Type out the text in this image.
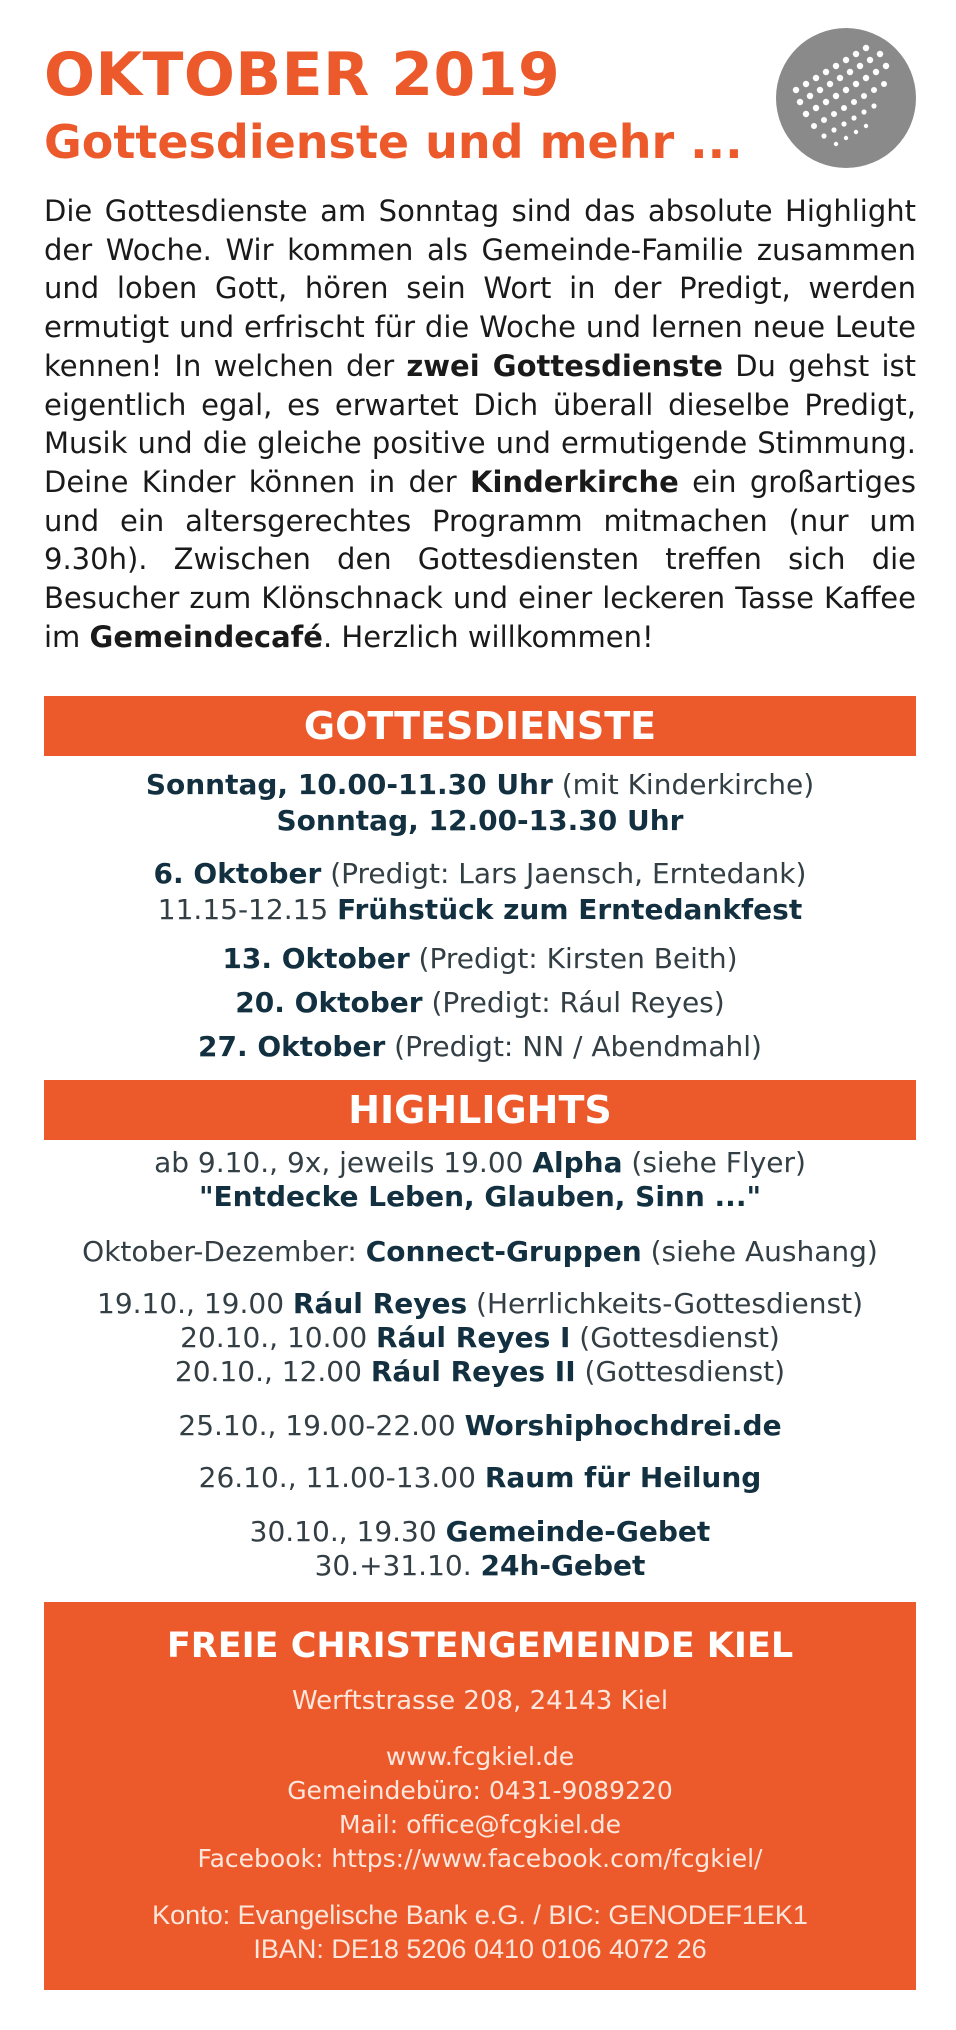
OKTOBER 2019
Gottesdienste und mehr ...
Die Gottesdienste am Sonntag sind das absolute Highlight der Woche. Wir kommen als Gemeinde-Familie zusammen und loben Gott, hören sein Wort in der Predigt, werden ermutigt und erfrischt für die Woche und lernen neue Leute kennen! In welchen der zwei Gottesdienste Du gehst ist eigentlich egal, es erwartet Dich überall dieselbe Predigt, Musik und die gleiche positive und ermutigende Stimmung. Deine Kinder können in der Kinderkirche ein großartiges und ein altersgerechtes Programm mitmachen (nur um 9.30h). Zwischen den Gottesdiensten treffen sich die Besucher zum Klönschnack und einer leckeren Tasse Kaffee im Gemeindecafé. Herzlich willkommen!
GOTTESDIENSTE
Sonntag, 10.00-11.30 Uhr (mit Kinderkirche)
Sonntag, 12.00-13.30 Uhr
6. Oktober (Predigt: Lars Jaensch, Erntedank)
11.15-12.15 Frühstück zum Erntedankfest
13. Oktober (Predigt: Kirsten Beith)
20. Oktober (Predigt: Rául Reyes)
27. Oktober (Predigt: NN / Abendmahl)
HIGHLIGHTS
ab 9.10., 9x, jeweils 19.00 Alpha (siehe Flyer)
"Entdecke Leben, Glauben, Sinn ..."
Oktober-Dezember: Connect-Gruppen (siehe Aushang)
19.10., 19.00 Rául Reyes (Herrlichkeits-Gottesdienst)
20.10., 10.00 Rául Reyes I (Gottesdienst)
20.10., 12.00 Rául Reyes II (Gottesdienst)
25.10., 19.00-22.00 Worshiphochdrei.de
26.10., 11.00-13.00 Raum für Heilung
30.10., 19.30 Gemeinde-Gebet
30.+31.10. 24h-Gebet
FREIE CHRISTENGEMEINDE KIEL
Werftstrasse 208, 24143 Kiel
www.fcgkiel.de
Gemeindebüro: 0431-9089220
Mail: office@fcgkiel.de
Facebook: https://www.facebook.com/fcgkiel/
Konto: Evangelische Bank e.G. / BIC: GENODEF1EK1
IBAN: DE18 5206 0410 0106 4072 26
